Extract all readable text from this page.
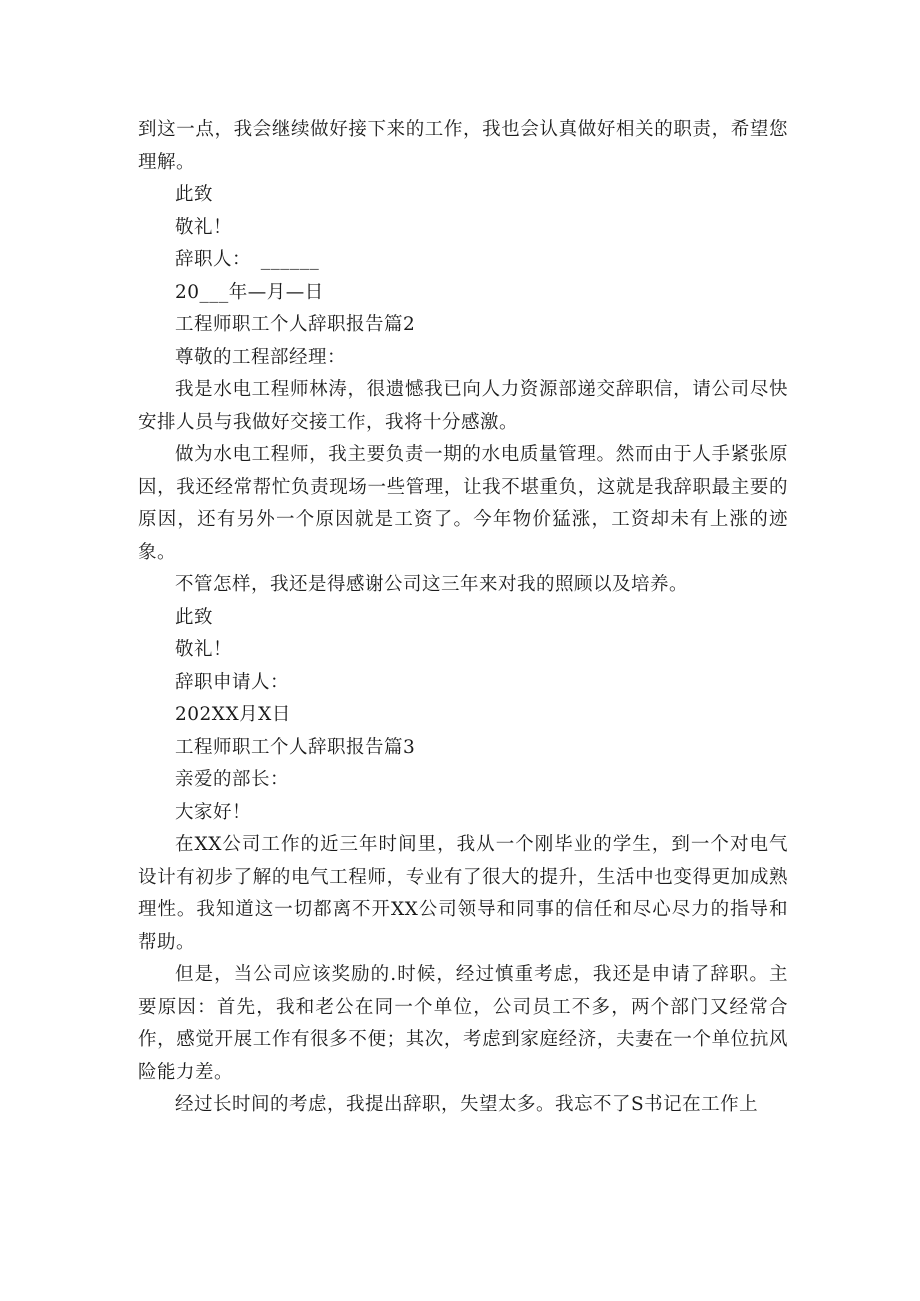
到这一点，我会继续做好接下来的工作，我也会认真做好相关的职责，希望您理解。

此致

敬礼！

辞职人：　______

20___年—月—日

工程师职工个人辞职报告篇2

尊敬的工程部经理：

我是水电工程师林涛，很遗憾我已向人力资源部递交辞职信，请公司尽快安排人员与我做好交接工作，我将十分感激。

做为水电工程师，我主要负责一期的水电质量管理。然而由于人手紧张原因，我还经常帮忙负责现场一些管理，让我不堪重负，这就是我辞职最主要的原因，还有另外一个原因就是工资了。今年物价猛涨，工资却未有上涨的迹象。

不管怎样，我还是得感谢公司这三年来对我的照顾以及培养。

此致

敬礼！

辞职申请人：

202XX月X日

工程师职工个人辞职报告篇3

亲爱的部长：

大家好！

在XX公司工作的近三年时间里，我从一个刚毕业的学生，到一个对电气设计有初步了解的电气工程师，专业有了很大的提升，生活中也变得更加成熟理性。我知道这一切都离不开XX公司领导和同事的信任和尽心尽力的指导和帮助。

但是，当公司应该奖励的.时候，经过慎重考虑，我还是申请了辞职。主要原因：首先，我和老公在同一个单位，公司员工不多，两个部门又经常合作，感觉开展工作有很多不便；其次，考虑到家庭经济，夫妻在一个单位抗风险能力差。

经过长时间的考虑，我提出辞职，失望太多。我忘不了S书记在工作上
